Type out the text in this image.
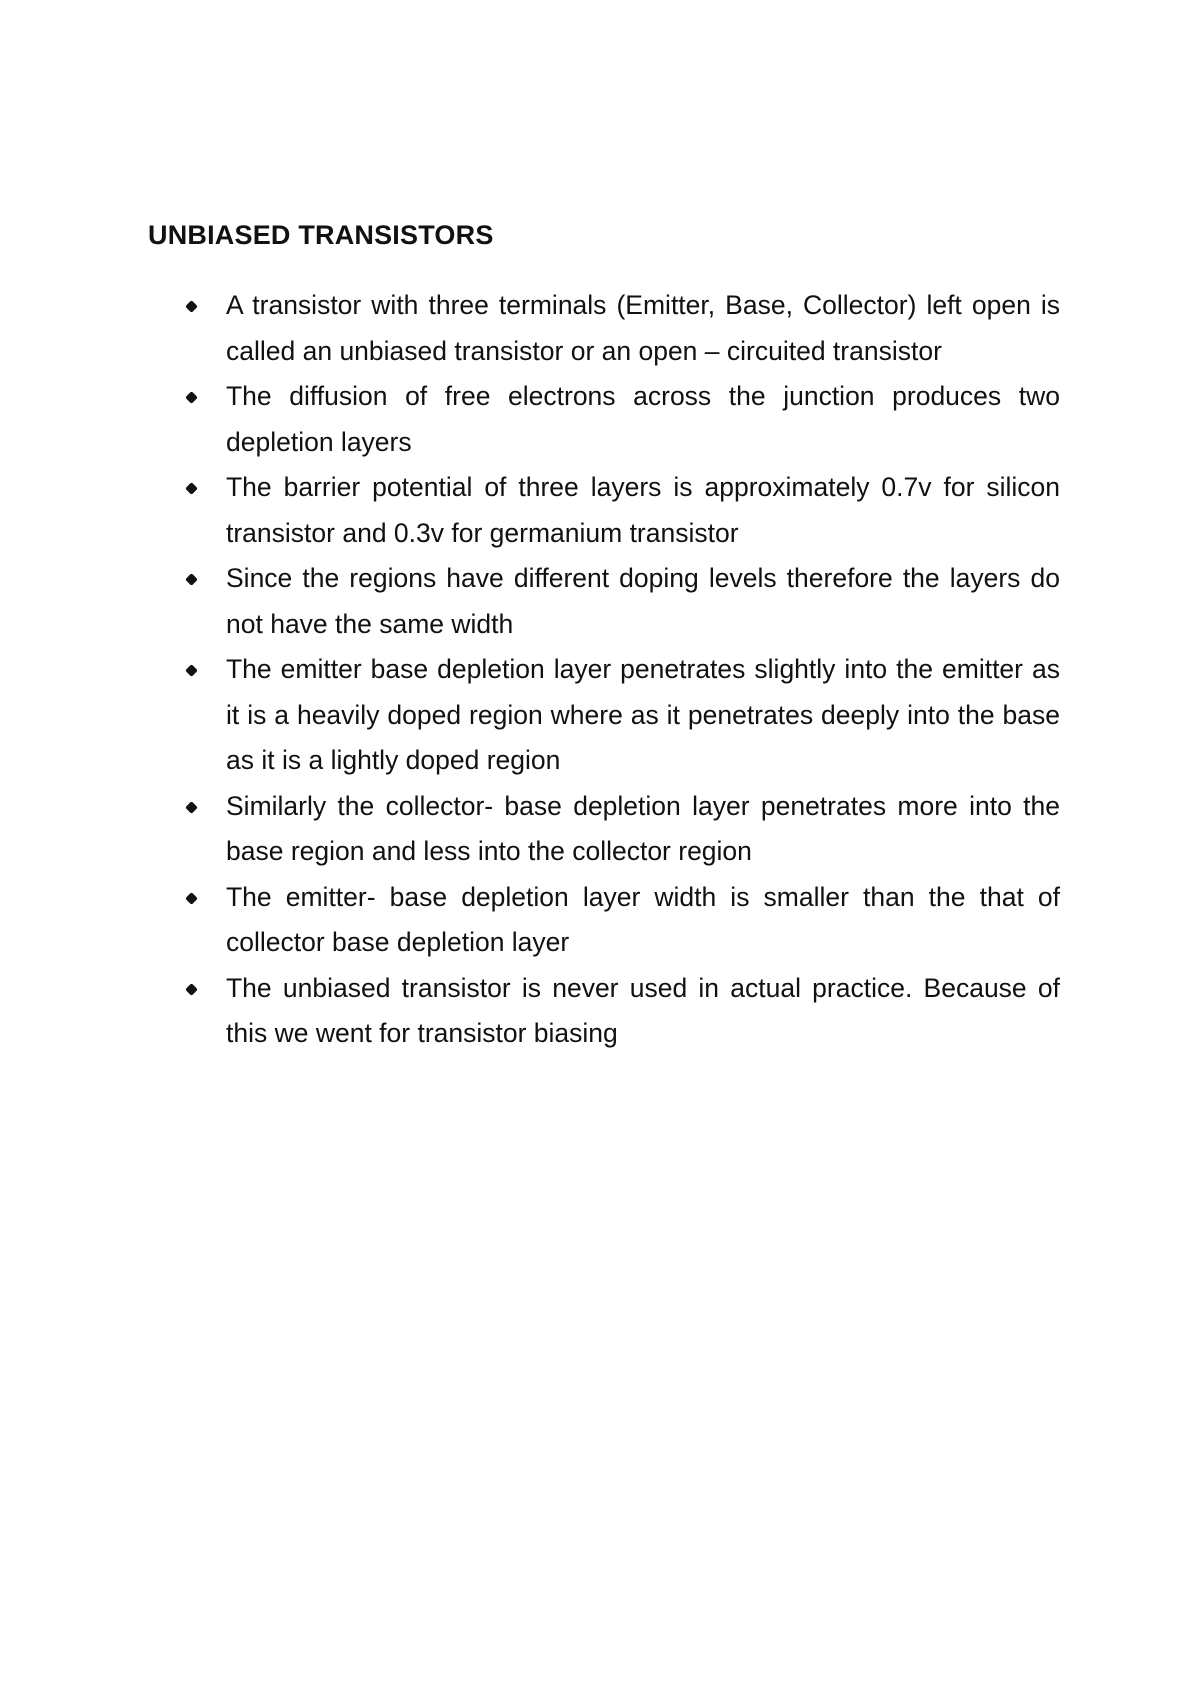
UNBIASED TRANSISTORS
A transistor with three terminals (Emitter, Base, Collector) left open is called an unbiased transistor or an open – circuited transistor
The diffusion of free electrons across the junction produces two depletion layers
The barrier potential of three layers is approximately 0.7v for silicon transistor and 0.3v for germanium transistor
Since the regions have different doping levels therefore the layers do not have the same width
The emitter base depletion layer penetrates slightly into the emitter as it is a heavily doped region where as it penetrates deeply into the base as it is a lightly doped region
Similarly the collector- base depletion layer penetrates more into the base region and less into the collector region
The emitter- base depletion layer width is smaller than the that of collector base depletion layer
The unbiased transistor is never used in actual practice. Because of this we went for transistor biasing
